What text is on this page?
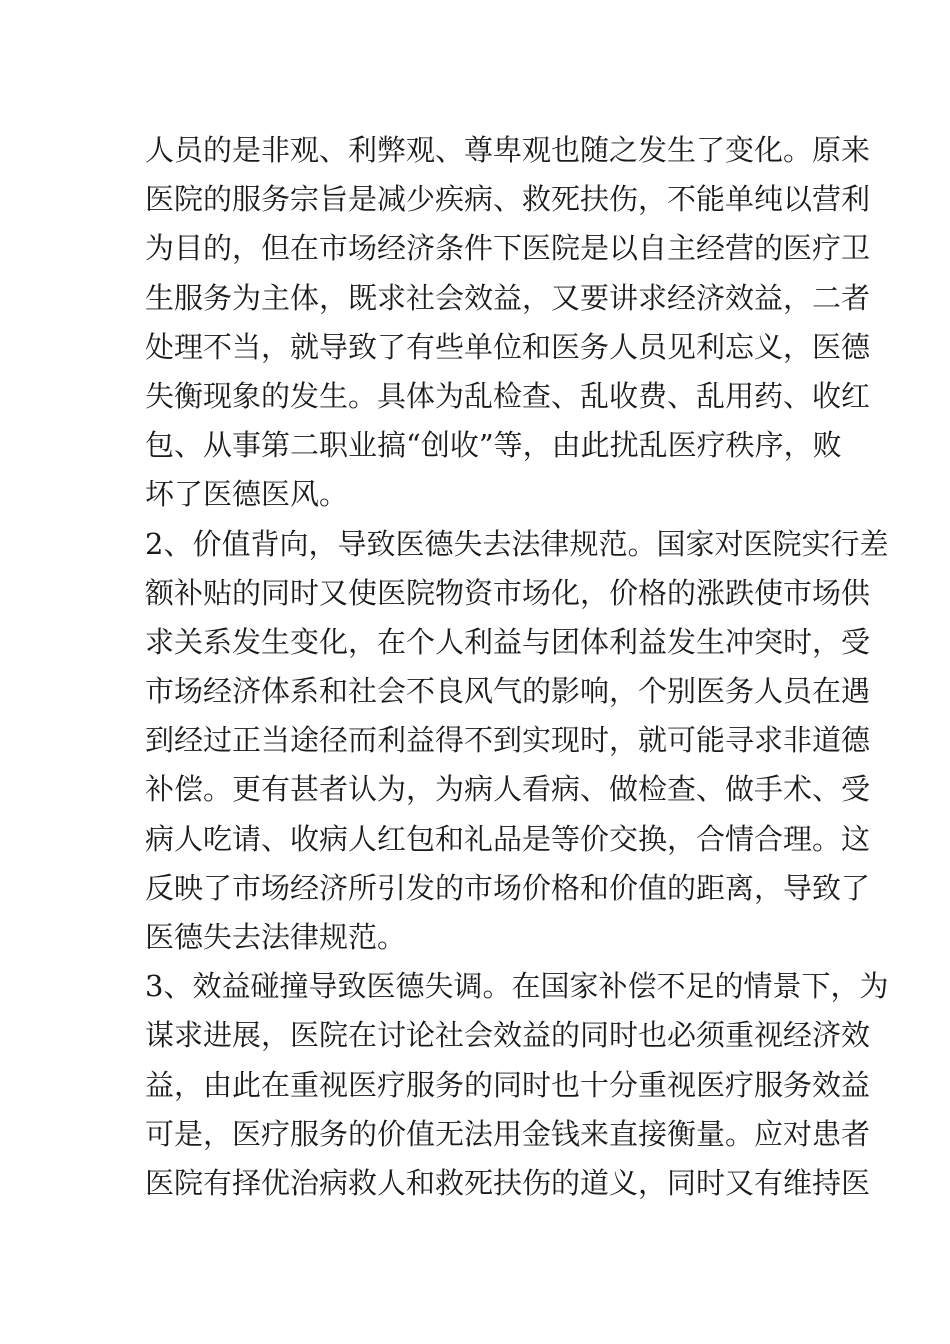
人员的是非观、利弊观、尊卑观也随之发生了变化。原来
医院的服务宗旨是减少疾病、救死扶伤，不能单纯以营利
为目的，但在市场经济条件下医院是以自主经营的医疗卫
生服务为主体，既求社会效益，又要讲求经济效益，二者
处理不当，就导致了有些单位和医务人员见利忘义，医德
失衡现象的发生。具体为乱检查、乱收费、乱用药、收红
包、从事第二职业搞“创收”等，由此扰乱医疗秩序，败
坏了医德医风。
2、价值背向，导致医德失去法律规范。国家对医院实行差
额补贴的同时又使医院物资市场化，价格的涨跌使市场供
求关系发生变化，在个人利益与团体利益发生冲突时，受
市场经济体系和社会不良风气的影响，个别医务人员在遇
到经过正当途径而利益得不到实现时，就可能寻求非道德
补偿。更有甚者认为，为病人看病、做检查、做手术、受
病人吃请、收病人红包和礼品是等价交换，合情合理。这
反映了市场经济所引发的市场价格和价值的距离，导致了
医德失去法律规范。
3、效益碰撞导致医德失调。在国家补偿不足的情景下，为
谋求进展，医院在讨论社会效益的同时也必须重视经济效
益，由此在重视医疗服务的同时也十分重视医疗服务效益
可是，医疗服务的价值无法用金钱来直接衡量。应对患者
医院有择优治病救人和救死扶伤的道义，同时又有维持医
